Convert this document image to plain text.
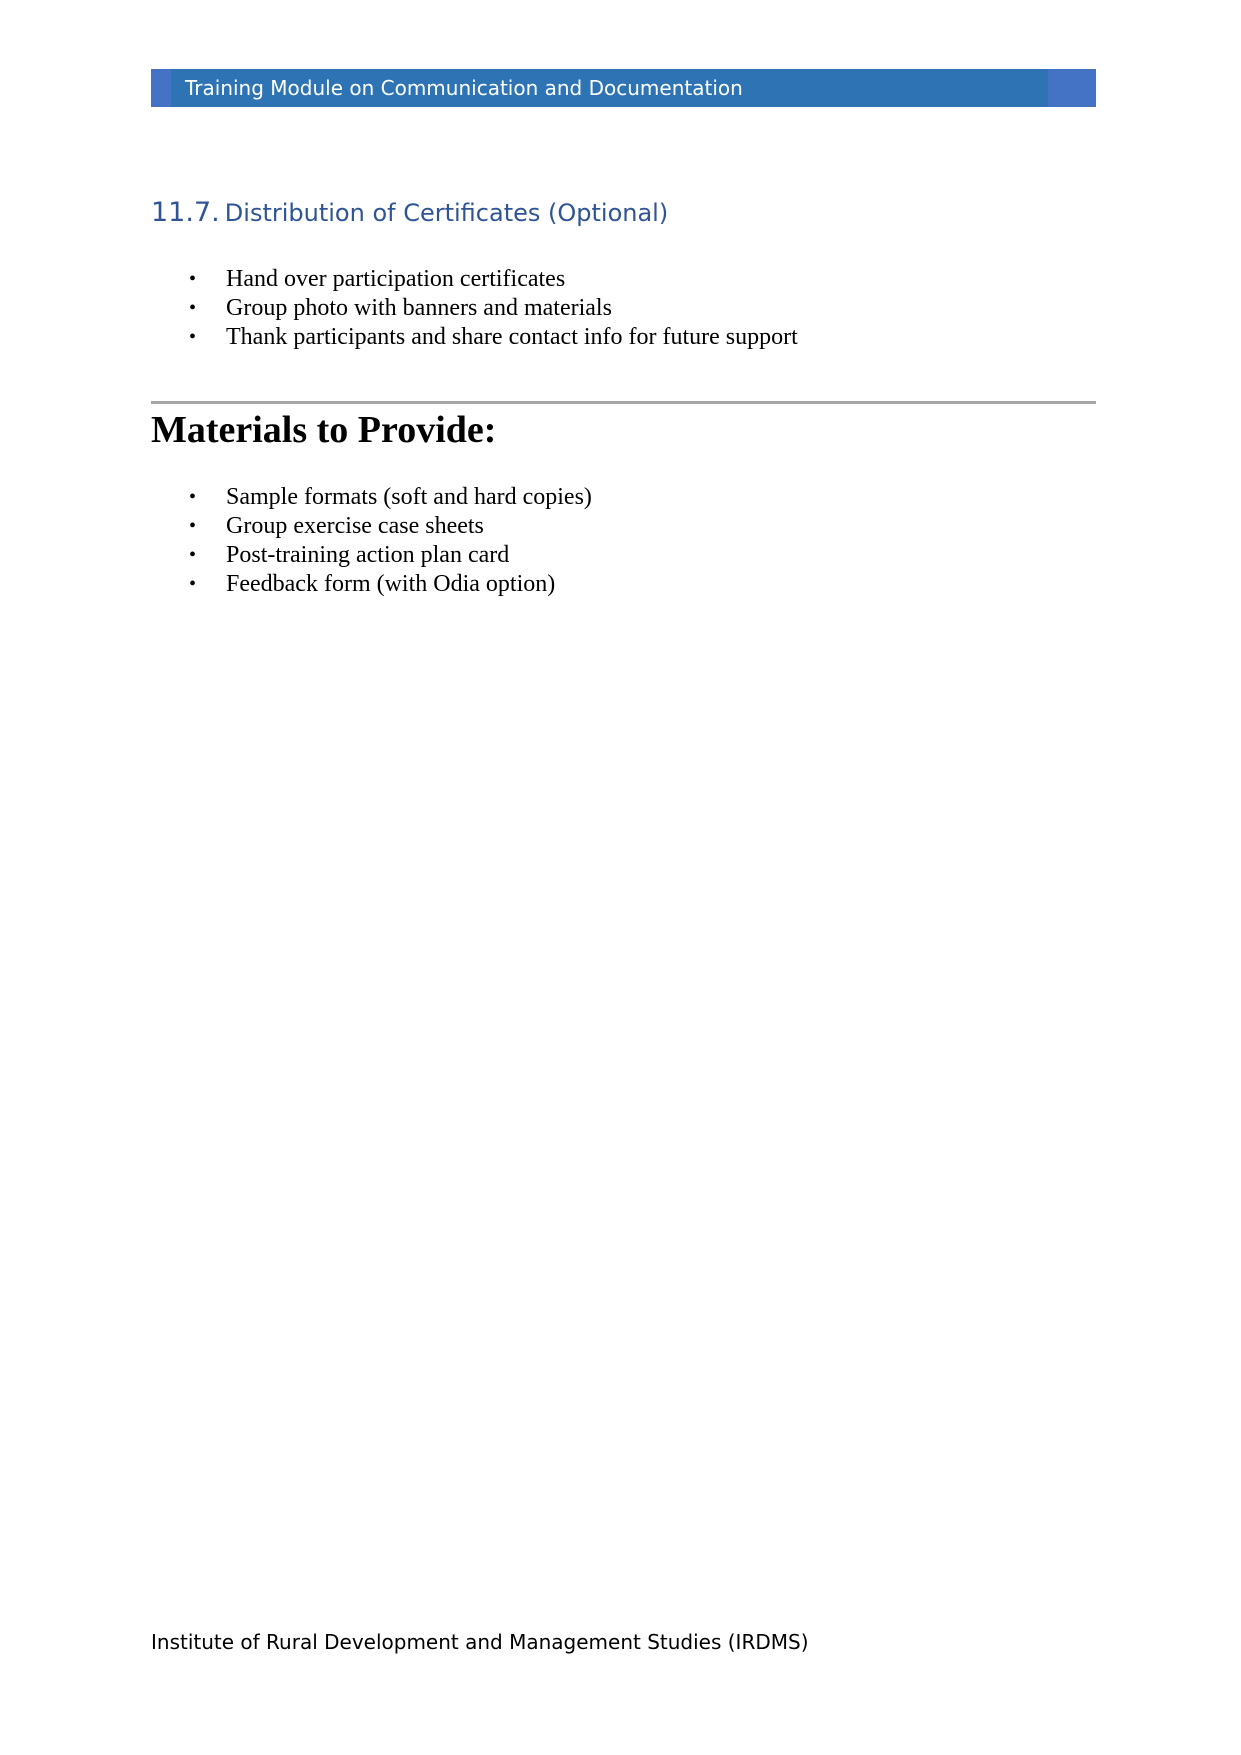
Training Module on Communication and Documentation
11.7. Distribution of Certificates (Optional)
• Hand over participation certificates
• Group photo with banners and materials
• Thank participants and share contact info for future support
Materials to Provide:
• Sample formats (soft and hard copies)
• Group exercise case sheets
• Post-training action plan card
• Feedback form (with Odia option)
Institute of Rural Development and Management Studies (IRDMS)
